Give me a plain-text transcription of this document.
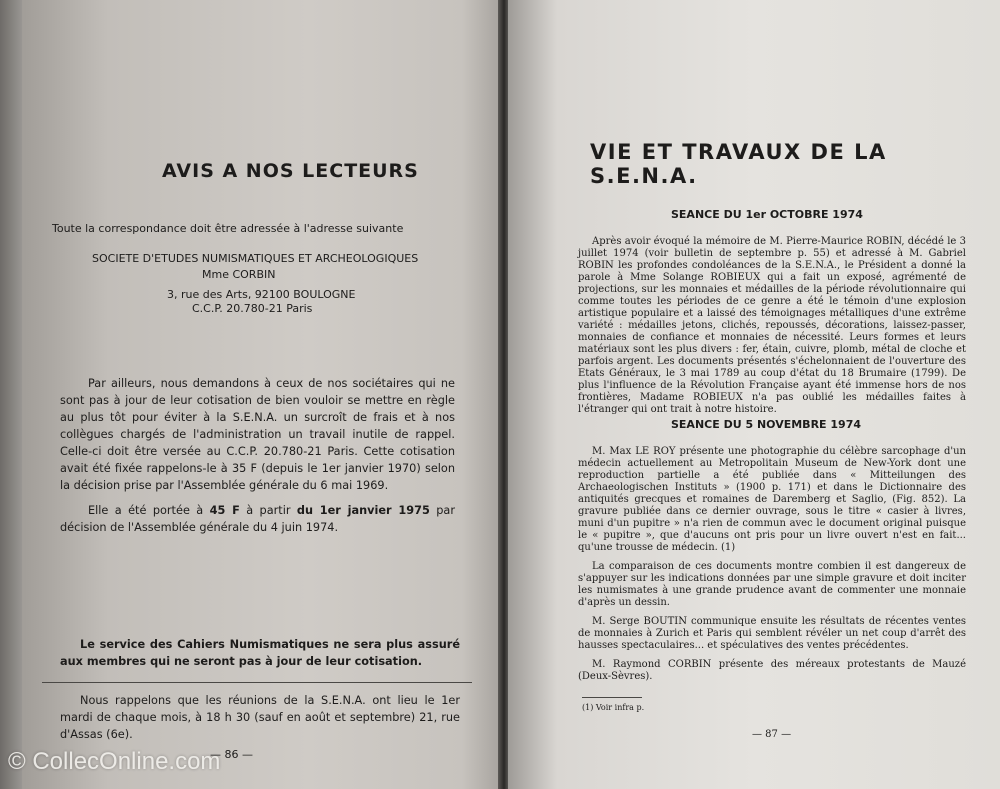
AVIS A NOS LECTEURS
Toute la correspondance doit être adressée à l'adresse suivante
SOCIETE D'ETUDES NUMISMATIQUES ET ARCHEOLOGIQUES
Mme CORBIN
3, rue des Arts, 92100 BOULOGNE
C.C.P. 20.780-21 Paris
Par ailleurs, nous demandons à ceux de nos sociétaires qui ne sont pas à jour de leur cotisation de bien vouloir se mettre en règle au plus tôt pour éviter à la S.E.N.A. un surcroît de frais et à nos collègues chargés de l'administration un travail inutile de rappel. Celle-ci doit être versée au C.C.P. 20.780-21 Paris. Cette cotisation avait été fixée rappelons-le à 35 F (depuis le 1er janvier 1970) selon la décision prise par l'Assemblée générale du 6 mai 1969.
Elle a été portée à 45 F à partir du 1er janvier 1975 par décision de l'Assemblée générale du 4 juin 1974.
Le service des Cahiers Numismatiques ne sera plus assuré aux membres qui ne seront pas à jour de leur cotisation.
Nous rappelons que les réunions de la S.E.N.A. ont lieu le 1er mardi de chaque mois, à 18 h 30 (sauf en août et septembre) 21, rue d'Assas (6e).
— 86 —
VIE ET TRAVAUX DE LA S.E.N.A.
SEANCE DU 1er OCTOBRE 1974

Après avoir évoqué la mémoire de M. Pierre-Maurice ROBIN, décédé le 3 juillet 1974 (voir bulletin de septembre p. 55) et adressé à M. Gabriel ROBIN les profondes condoléances de la S.E.N.A., le Président a donné la parole à Mme Solange ROBIEUX qui a fait un exposé, agrémenté de projections, sur les monnaies et médailles de la période révolutionnaire qui comme toutes les périodes de ce genre a été le témoin d'une explosion artistique populaire et a laissé des témoignages métalliques d'une extrême variété : médailles jetons, clichés, repoussés, décorations, laissez-passer, monnaies de confiance et monnaies de nécessité. Leurs formes et leurs matériaux sont les plus divers : fer, étain, cuivre, plomb, métal de cloche et parfois argent. Les documents présentés s'échelonnaient de l'ouverture des Etats Généraux, le 3 mai 1789 au coup d'état du 18 Brumaire (1799). De plus l'influence de la Révolution Française ayant été immense hors de nos frontières, Madame ROBIEUX n'a pas oublié les médailles faites à l'étranger qui ont trait à notre histoire.

SEANCE DU 5 NOVEMBRE 1974

M. Max LE ROY présente une photographie du célèbre sarcophage d'un médecin actuellement au Metropolitain Museum de New-York dont une reproduction partielle a été publiée dans « Mitteilungen des Archaeologischen Instituts » (1900 p. 171) et dans le Dictionnaire des antiquités grecques et romaines de Daremberg et Saglio, (Fig. 852). La gravure publiée dans ce dernier ouvrage, sous le titre « casier à livres, muni d'un pupitre » n'a rien de commun avec le document original puisque le « pupitre », que d'aucuns ont pris pour un livre ouvert n'est en fait... qu'une trousse de médecin. (1)

La comparaison de ces documents montre combien il est dangereux de s'appuyer sur les indications données par une simple gravure et doit inciter les numismates à une grande prudence avant de commenter une monnaie d'après un dessin.

M. Serge BOUTIN communique ensuite les résultats de récentes ventes de monnaies à Zurich et Paris qui semblent révéler un net coup d'arrêt des hausses spectaculaires... et spéculatives des ventes précédentes.

M. Raymond CORBIN présente des méreaux protestants de Mauzé (Deux-Sèvres).

(1) Voir infra p.
— 87 —
© CollecOnline.com
